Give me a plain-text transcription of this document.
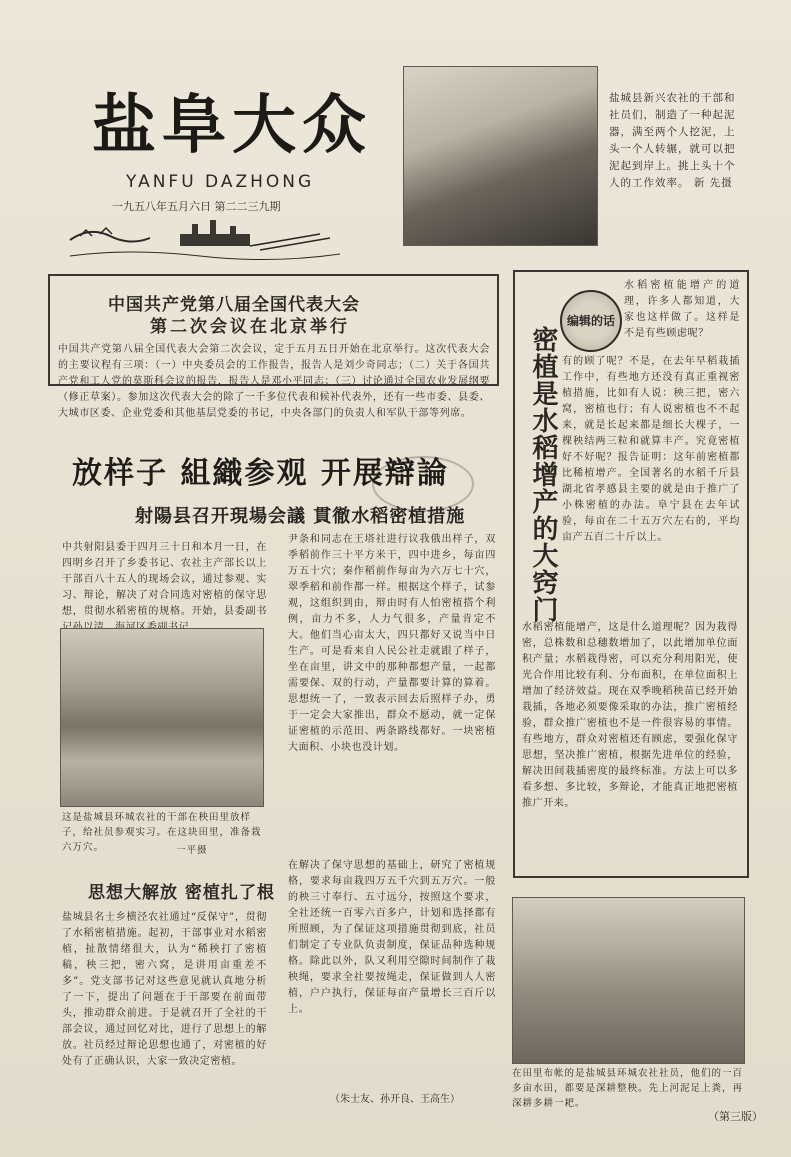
盐阜大众
YANFU DAZHONG
一九五八年五月六日 第二二三九期
盐城县新兴农社的干部和社员们，制造了一种起泥器，满至两个人挖泥，上头一个人转辗，就可以把泥起到岸上。挑上头十个人的工作效率。 新 先摄
中国共产党第八届全国代表大会
第二次会议在北京举行
中国共产党第八届全国代表大会第二次会议，定于五月五日开始在北京举行。这次代表大会的主要议程有三项：（一）中央委员会的工作报告，报告人是刘少奇同志；（二）关于各国共产党和工人党的莫斯科会议的报告，报告人是邓小平同志；（三）讨论通过全国农业发展纲要（修正草案）。参加这次代表大会的除了一千多位代表和候补代表外，还有一些市委、县委、大城市区委、企业党委和其他基层党委的书记，中央各部门的负责人和军队干部等列席。
放样子 組織参观 开展辯論
射陽县召开現場会議 貫徹水稻密植措施
中共射阳县委于四月三十日和本月一日，在四明乡召开了乡委书记、农社主产部长以上干部百八十五人的现场会议，通过参观、实习、辩论，解决了对合同选对密植的保守思想，贯彻水稻密植的规格。开始，县委副书
尹条和同志在王塔社进行议我俄出样子，双季稻前作三十平方米干，四中进乡，每亩四万五十穴；秦作稻前作每亩为六万七十穴，翠季稻和前作都一样。根据这个样子，试参观，这组织到由，辩由时有人怕密植搭个利例，亩力不多，人力气很多，产量肯定不大。他们当心亩太大，四只都好又说当中日生产。可是看来自人民公社走就跟了样子，坐在亩里，讲文中的那种都想产量，一起都需要保、双的行动，产量都要计算的算着。思想统一了，一致表示回去后照样子办，勇于一定会大家推出，群众不愿动，就一定保证密植的示范田、两条路线都好。一块密植大面积、小块也没计划。
这是盐城县环城农社的干部在秧田里放样子，给社员参观实习。在这块田里，准备栽六万穴。	一平摄
编辑的话
密植是水稻增产的大窍门
水稻密植能增产的道理，许多人都知道，大家也这样做了。这样是不是有些顾虑呢？
有的顾了呢？不是，在去年早稻栽插工作中，有些地方还没有真正重视密植措施，比如有人说：秧三把，密六窝，密植也行；有人说密植也不不起来，就是长起来都是细长大棵子，一棵秧结两三粒和就算丰产。究竟密植好不好呢？报告证明：这年前密植都比稀植增产。全国著名的水稻千斤县湖北省孝感县主要的就是由于推广了小株密植的办法。阜宁县在去年试验，每亩在二十五万穴左右的，平均亩产五百二十斤以上。
水稻密植能增产，这是什么道理呢？因为栽得密，总株数和总穗数增加了，以此增加单位面积产量；水稻栽得密，可以充分利用阳光，使光合作用比较有利、分布面积，在单位面积上增加了经济效益。现在双季晚稻秧苗已经开始栽插，各地必须要像采取的办法，推广密植经验，群众推广密植也不是一件很容易的事情。有些地方，群众对密植还有顾虑，要强化保守思想，坚决推广密植，根据先进单位的经验，解决田间栽插密度的最终标准。方法上可以多看多想、多比较，多辩论，才能真正地把密植推广开来。
思想大解放 密植扎了根
盐城县名士乡横泾农社通过“反保守”，贯彻了水稻密植措施。起初，干部事业对水稻密植，扯散情绪很大，认为“稀秧打了密植稿，秧三把，密六窝，是讲用亩重差不多”。党支部书记对这些意见就认真地分析了一下，提出了问题在于干部要在前面带头，推动群众前进。于是就召开了全社的干部会议，通过回忆对比，进行了思想上的解放。社员经过辩论思想也通了，对密植的好处有了正确认识，大家一致决定密植。
在解决了保守思想的基础上，研究了密植规格，要求每亩栽四万五千穴到五万穴。一般的秧三寸奉行、五寸远分，按照这个要求，全社还统一百零六百多户，计划和选择都有所照顾，为了保证这项措施贯彻到底，社员们制定了专业队负责制度，保证品种选种规格。除此以外，队又利用空隙时间制作了栽秧绳，要求全社要按绳走，保证做到人人密植，户户执行，保证每亩产量增长三百斤以上。
（朱士友、孙开良、王高生）
在田里布帐的是盐城县环城农社社员，他们的一百多亩水田，都要是深耕整秧。先上河泥足上粪，再深耕多耕一耙。
（第三版）
